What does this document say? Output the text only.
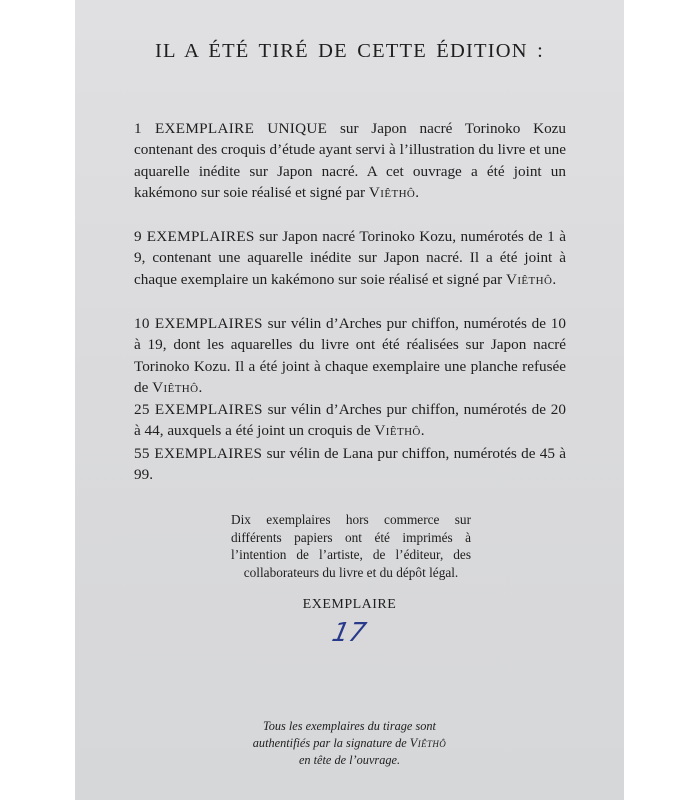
IL A ÉTÉ TIRÉ DE CETTE ÉDITION :

1 EXEMPLAIRE UNIQUE sur Japon nacré Torinoko Kozu contenant des croquis d’étude ayant servi à l’illustration du livre et une aquarelle inédite sur Japon nacré. A cet ouvrage a été joint un kakémono sur soie réalisé et signé par Viêthô.

9 EXEMPLAIRES sur Japon nacré Torinoko Kozu, numérotés de 1 à 9, contenant une aquarelle inédite sur Japon nacré. Il a été joint à chaque exemplaire un kakémono sur soie réalisé et signé par Viêthô.

10 EXEMPLAIRES sur vélin d’Arches pur chiffon, numérotés de 10 à 19, dont les aquarelles du livre ont été réalisées sur Japon nacré Torinoko Kozu. Il a été joint à chaque exemplaire une planche refusée de Viêthô.

25 EXEMPLAIRES sur vélin d’Arches pur chiffon, numérotés de 20 à 44, auxquels a été joint un croquis de Viêthô.

55 EXEMPLAIRES sur vélin de Lana pur chiffon, numérotés de 45 à 99.

Dix exemplaires hors commerce sur différents papiers ont été imprimés à l’intention de l’artiste, de l’éditeur, des collaborateurs du livre et du dépôt légal.

EXEMPLAIRE
17
Tous les exemplaires du tirage sont
authentifiés par la signature de Viêthô
en tête de l’ouvrage.
